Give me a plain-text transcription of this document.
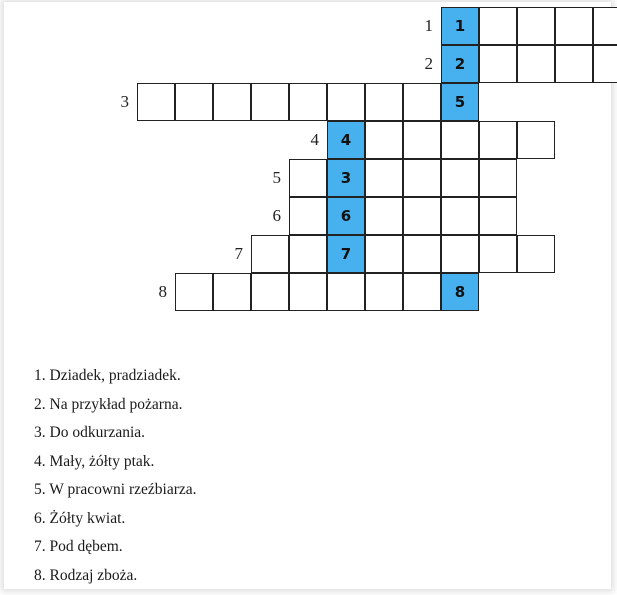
1	1
2	2
3	5
4	4
5	3
6	6
7	7
8	8
1. Dziadek, pradziadek.
2. Na przykład pożarna.
3. Do odkurzania.
4. Mały, żółty ptak.
5. W pracowni rzeźbiarza.
6. Żółty kwiat.
7. Pod dębem.
8. Rodzaj zboża.
